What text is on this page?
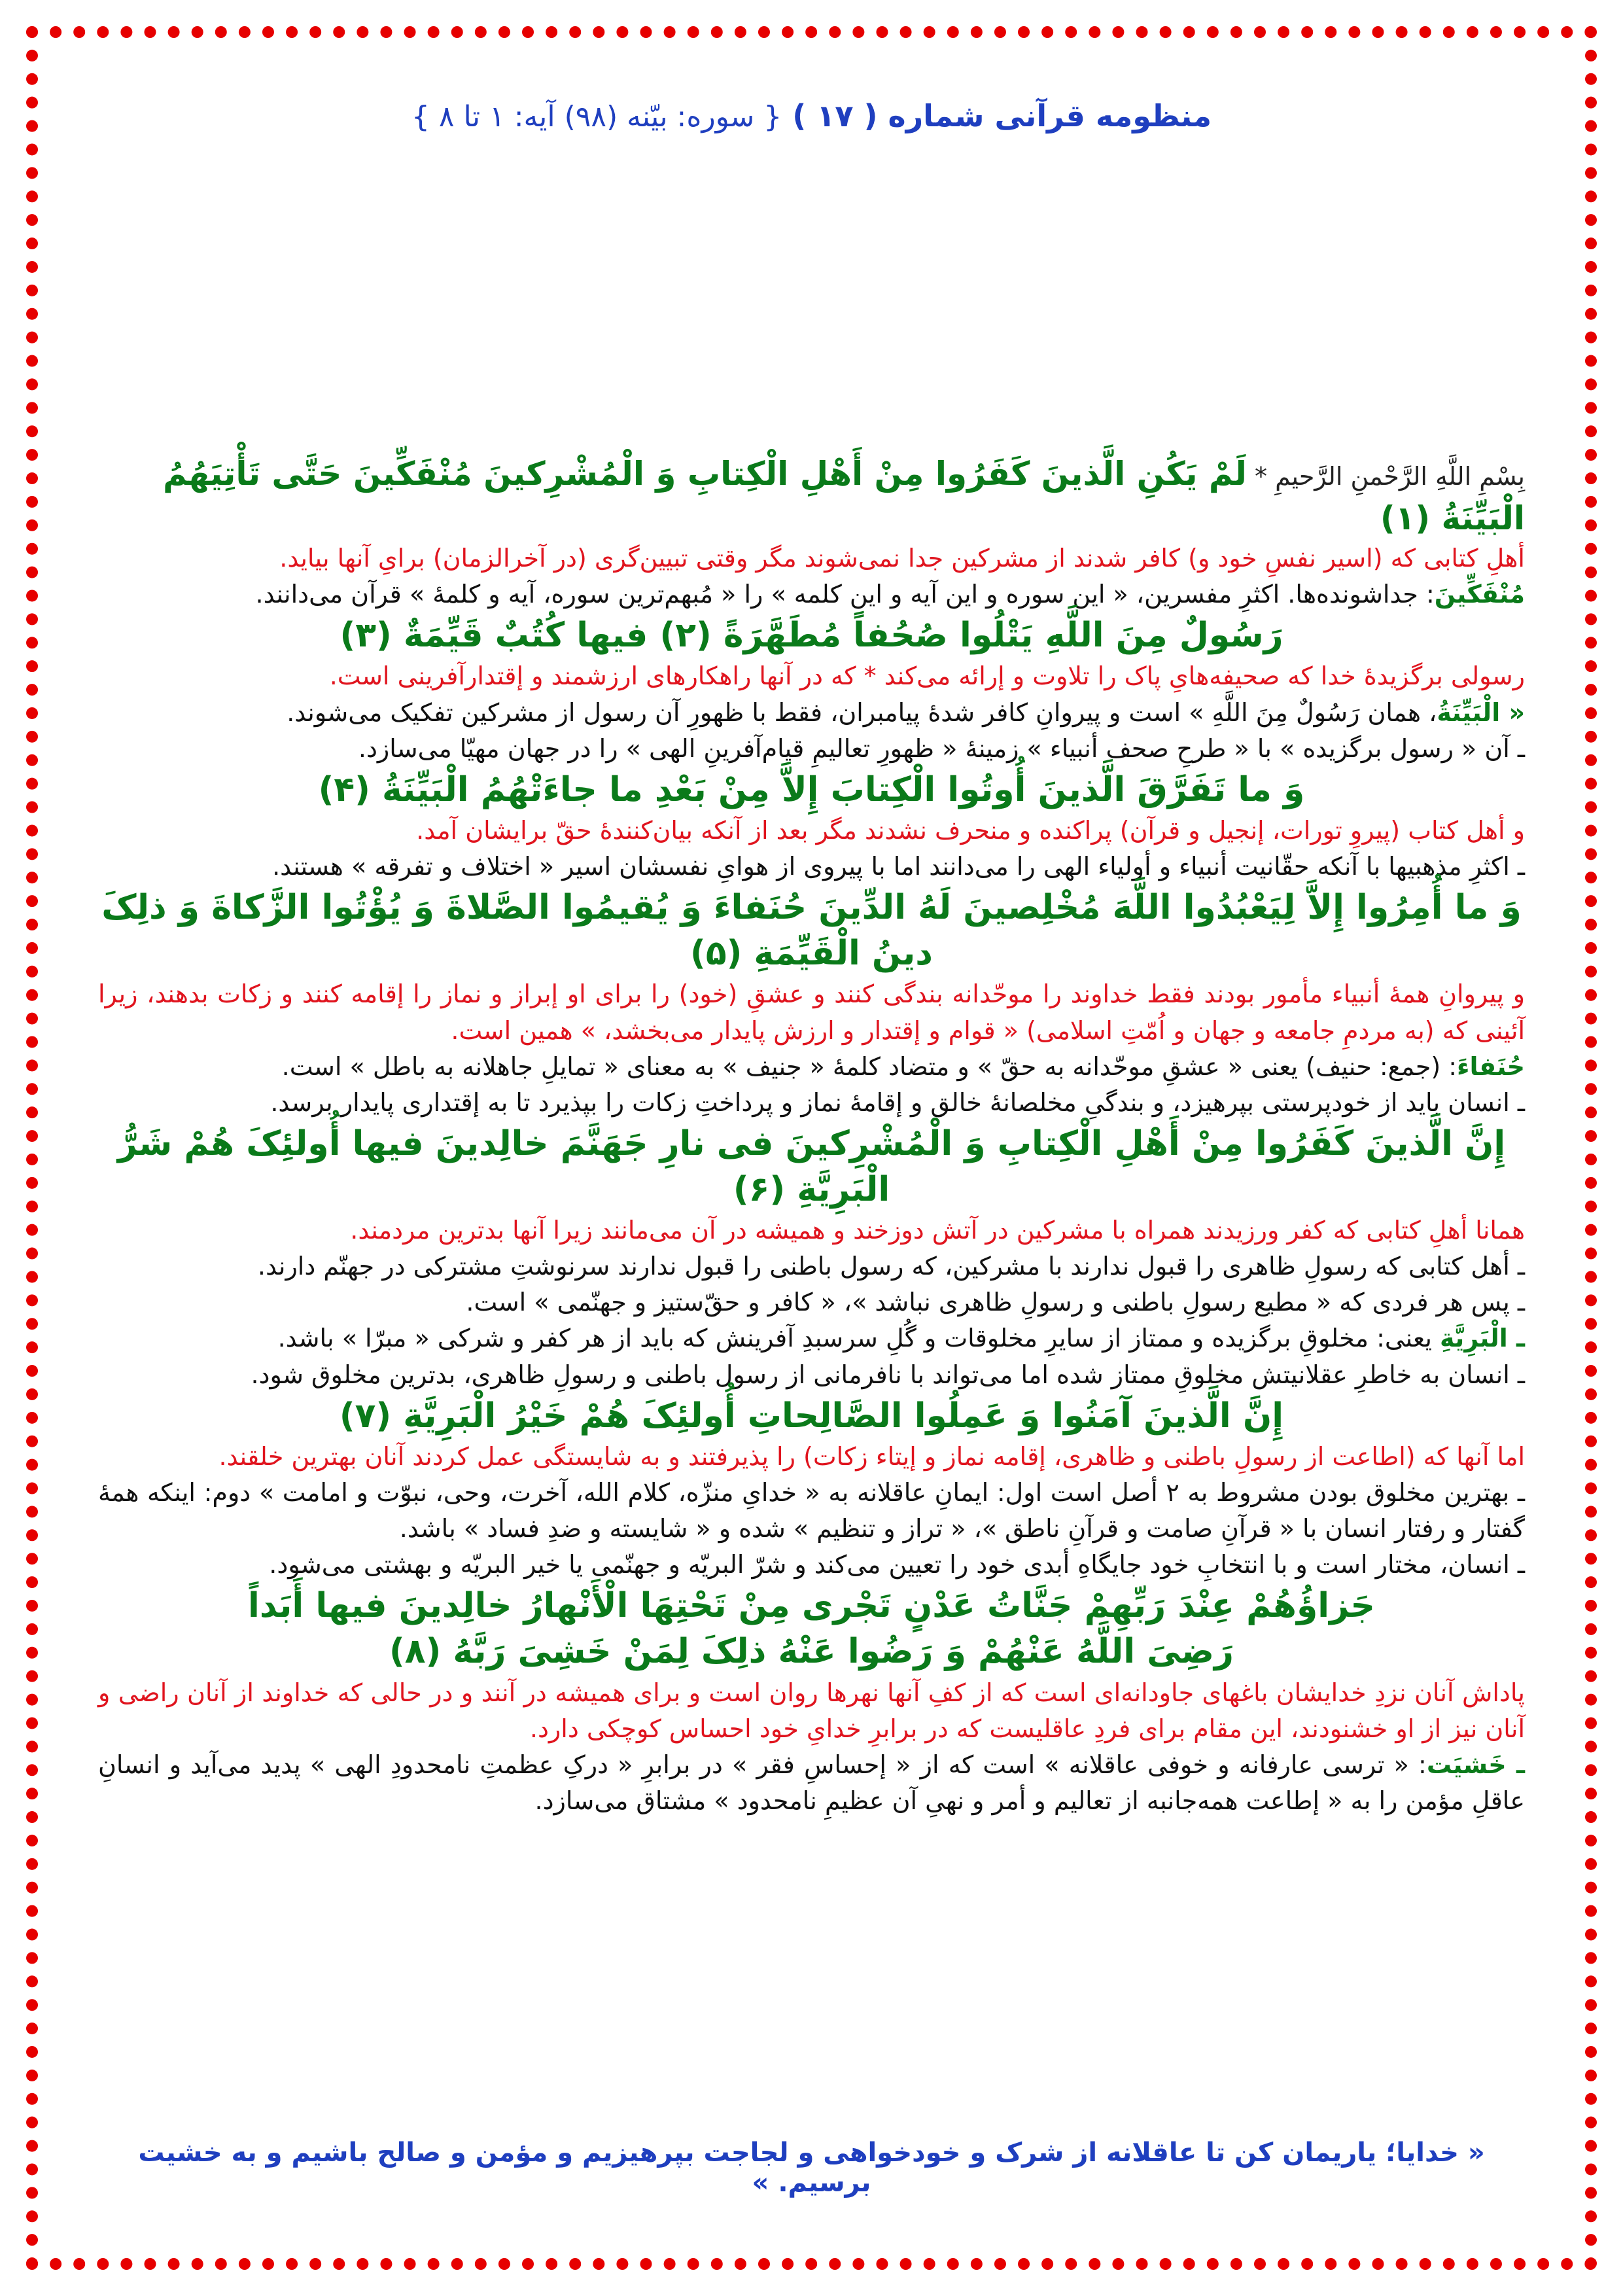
منظومه قرآنی شماره ( ۱۷ ) { سوره: بیّنه (۹۸) آیه: ۱ تا ۸ }
بِسْمِ اللَّهِ الرَّحْمنِ الرَّحیمِ * لَمْ یَکُنِ الَّذینَ کَفَرُوا مِنْ أَهْلِ الْکِتابِ وَ الْمُشْرِکینَ مُنْفَکِّینَ حَتَّى تَأْتِیَهُمُ الْبَیِّنَةُ (۱)
أهلِ کتابی که (اسیر نفسِ خود و) کافر شدند از مشرکین جدا نمی‌شوند مگر وقتی تبیین‌گری (در آخرالزمان) برایِ آنها بیاید.
مُنْفَکِّینَ: جداشونده‌ها. اکثرِ مفسرین، « این سوره و این آیه و این کلمه » را « مُبهم‌ترین سوره، آیه و کلمهٔ » قرآن می‌دانند.
رَسُولٌ مِنَ اللَّهِ یَتْلُوا صُحُفاً مُطَهَّرَةً (۲) فیها کُتُبٌ قَیِّمَةٌ (۳)
رسولی برگزیدهٔ خدا که صحیفه‌هایِ پاک را تلاوت و إرائه می‌کند * که در آنها راهکارهای ارزشمند و إقتدارآفرینی است.
« الْبَیِّنَةُ، همان رَسُولٌ مِنَ اللَّهِ » است و پیروانِ کافر شدهٔ پیامبران، فقط با ظهورِ آن رسول از مشرکین تفکیک می‌شوند.
ـ آن « رسول برگزیده » با « طرحِ صحف أنبیاء » زمینهٔ « ظهورِ تعالیمِ قیام‌آفرینِ الهی » را در جهان مهیّا می‌سازد.
وَ ما تَفَرَّقَ الَّذینَ أُوتُوا الْکِتابَ إِلاَّ مِنْ بَعْدِ ما جاءَتْهُمُ الْبَیِّنَةُ (۴)
و أهل کتاب (پیروِ تورات، إنجیل و قرآن) پراکنده و منحرف نشدند مگر بعد از آنکه بیان‌کنندهٔ حقّ برایشان آمد.
ـ اکثرِ مذهبیها با آنکه حقّانیت أنبیاء و أولیاء الهی را می‌دانند اما با پیروی از هوایِ نفسشان اسیر « اختلاف و تفرقه » هستند.
وَ ما أُمِرُوا إِلاَّ لِیَعْبُدُوا اللَّهَ مُخْلِصینَ لَهُ الدِّینَ حُنَفاءَ وَ یُقیمُوا الصَّلاةَ وَ یُؤْتُوا الزَّکاةَ وَ ذلِکَ دینُ الْقَیِّمَةِ (۵)
و پیروانِ همهٔ أنبیاء مأمور بودند فقط خداوند را موحّدانه بندگی کنند و عشقِ (خود) را برای او إبراز و نماز را إقامه کنند و زکات بدهند، زیرا آئینی که (به مردمِ جامعه و جهان و اُمّتِ اسلامی) « قوام و إقتدار و ارزش پایدار می‌بخشد، » همین است.
حُنَفاءَ: (جمع: حنیف) یعنی « عشقِ موحّدانه به حقّ » و متضاد کلمهٔ « جنیف » به معنای « تمایلِ جاهلانه به باطل » است.
ـ انسان باید از خودپرستی بپرهیزد، و بندگیِ مخلصانهٔ خالق و إقامهٔ نماز و پرداختِ زکات را بپذیرد تا به إقتداری پایدار برسد.
إِنَّ الَّذینَ کَفَرُوا مِنْ أَهْلِ الْکِتابِ وَ الْمُشْرِکینَ فی نارِ جَهَنَّمَ خالِدینَ فیها أُولئِکَ هُمْ شَرُّ الْبَرِیَّةِ (۶)
همانا أهلِ کتابی که کفر ورزیدند همراه با مشرکین در آتش دوزخند و همیشه در آن می‌مانند زیرا آنها بدترین مردمند.
ـ أهل کتابی که رسولِ ظاهری را قبول ندارند با مشرکین، که رسول باطنی را قبول ندارند سرنوشتِ مشترکی در جهنّم دارند.
ـ پس هر فردی که « مطیع رسولِ باطنی و رسولِ ظاهری نباشد »، « کافر و حقّ‌ستیز و جهنّمی » است.
ـ الْبَرِیَّةِ یعنی: مخلوقِ برگزیده و ممتاز از سایرِ مخلوقات و گُلِ سرسبدِ آفرینش که باید از هر کفر و شرکی « مبرّا » باشد.
ـ انسان به خاطرِ عقلانیتش مخلوقِ ممتاز شده اما می‌تواند با نافرمانی از رسول باطنی و رسولِ ظاهری، بدترین مخلوق شود.
إِنَّ الَّذینَ آمَنُوا وَ عَمِلُوا الصَّالِحاتِ أُولئِکَ هُمْ خَیْرُ الْبَرِیَّةِ (۷)
اما آنها که (اطاعت از رسولِ باطنی و ظاهری، إقامه نماز و إیتاء زکات) را پذیرفتند و به شایستگی عمل کردند آنان بهترین خلقند.
ـ بهترین مخلوق بودن مشروط به ۲ أصل است اول: ایمانِ عاقلانه به « خدایِ منزّه، کلام الله، آخرت، وحی، نبوّت و امامت » دوم: اینکه همهٔ گفتار و رفتار انسان با « قرآنِ صامت و قرآنِ ناطق »، « تراز و تنظیم » شده و « شایسته و ضدِ فساد » باشد.
ـ انسان، مختار است و با انتخابِ خود جایگاهِ أبدی خود را تعیین می‌کند و شرّ البریّه و جهنّمی یا خیر البریّه و بهشتی می‌شود.
جَزاؤُهُمْ عِنْدَ رَبِّهِمْ جَنَّاتُ عَدْنٍ تَجْری مِنْ تَحْتِهَا الْأَنْهارُ خالِدینَ فیها أَبَداً
رَضِیَ اللَّهُ عَنْهُمْ وَ رَضُوا عَنْهُ ذلِکَ لِمَنْ خَشِیَ رَبَّهُ (۸)
پاداش آنان نزدِ خدایشان باغهای جاودانه‌ای است که از کفِ آنها نهرها روان است و برای همیشه در آنند و در حالی که خداوند از آنان راضی و آنان نیز از او خشنودند، این مقام برای فردِ عاقلیست که در برابرِ خدایِ خود احساس کوچکی دارد.
ـ خَشیَت: « ترسی عارفانه و خوفی عاقلانه » است که از « إحساسِ فقر » در برابرِ « درکِ عظمتِ نامحدودِ الهی » پدید می‌آید و انسانِ عاقلِ مؤمن را به « إطاعت همه‌جانبه از تعالیم و أمر و نهیِ آن عظیمِ نامحدود » مشتاق می‌سازد.
« خدایا؛ یاریمان کن تا عاقلانه از شرک و خودخواهی و لجاجت بپرهیزیم و مؤمن و صالح باشیم و به خشیت برسیم. »
